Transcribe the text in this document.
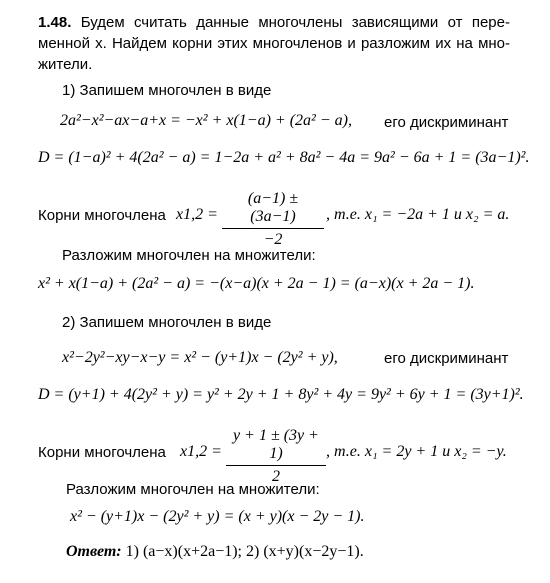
1.48. Будем считать данные многочлены зависящими от пере-
менной x. Найдем корни этих многочленов и разложим их на мно-
жители.
1) Запишем многочлен в виде
2a²−x²−ax−a+x = −x² + x(1−a) + (2a² − a), его дискриминант
D = (1−a)² + 4(2a² − a) = 1−2a + a² + 8a² − 4a = 9a² − 6a + 1 = (3a−1)².
Корни многочлена $x1,2 = \frac{(a-1) \pm (3a-1)}{-2}$ , т.е. x₁ = −2a + 1 и x₂ = a.
Разложим многочлен на множители:
x² + x(1−a) + (2a² − a) = −(x−a)(x + 2a − 1) = (a−x)(x + 2a − 1).
2) Запишем многочлен в виде
x²−2y²−xy−x−y = x² − (y+1)x − (2y² + y),	его дискриминант
D = (y+1) + 4(2y² + y) = y² + 2y + 1 + 8y² + 4y = 9y² + 6y + 1 = (3y+1)².
Корни многочлена $x1,2 = \frac{y + 1 \pm (3y + 1)}{2}$ , т.е. x₁ = 2y + 1 и x₂ = −y.
Разложим многочлен на множители:
x² − (y+1)x − (2y² + y) = (x + y)(x − 2y − 1).
Ответ: 1) (a−x)(x+2a−1); 2) (x+y)(x−2y−1).
